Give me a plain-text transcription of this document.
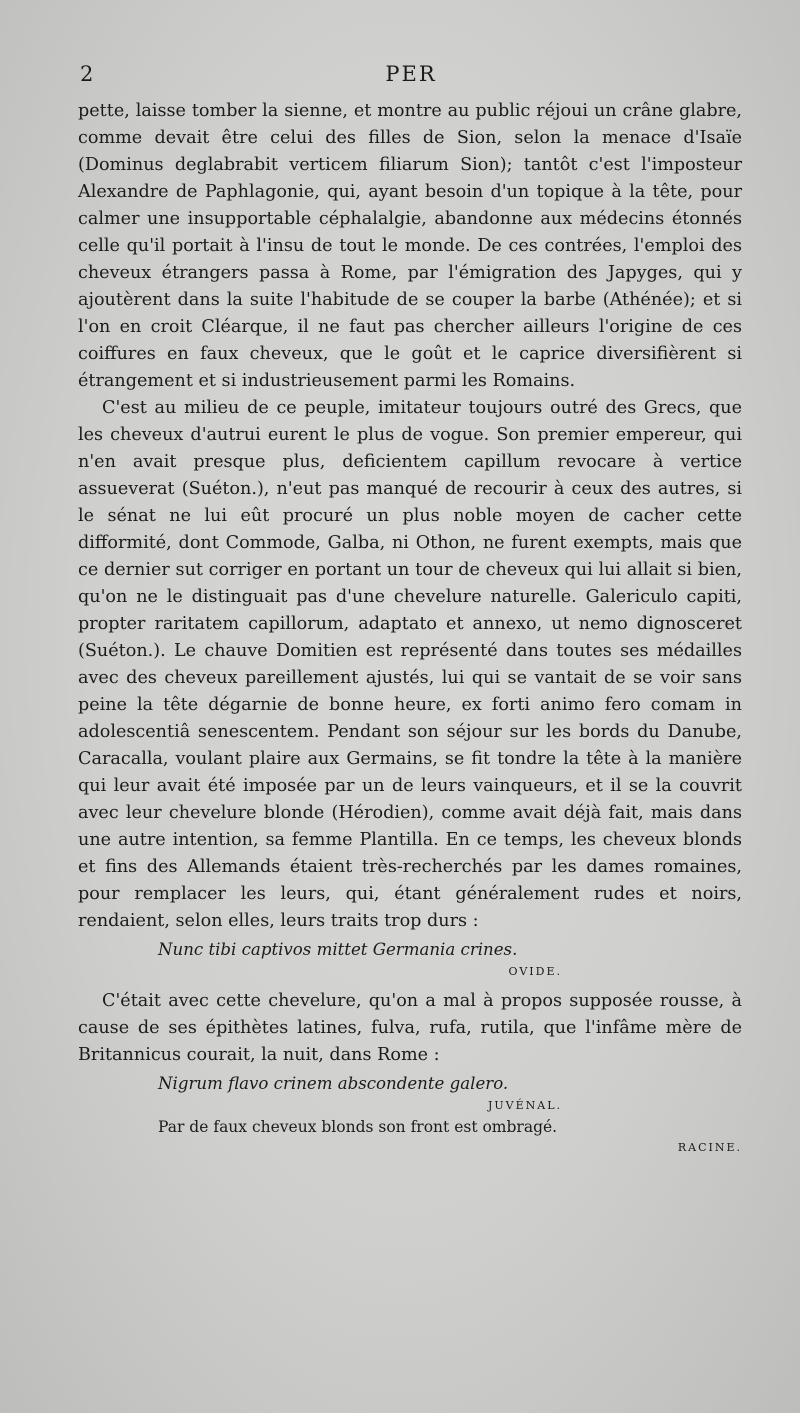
2	PER

pette, laisse tomber la sienne, et montre au public réjoui un crâne glabre, comme devait être celui des filles de Sion, selon la menace d'Isaïe (Dominus deglabrabit verticem filiarum Sion); tantôt c'est l'imposteur Alexandre de Paphlagonie, qui, ayant besoin d'un topique à la tête, pour calmer une insupportable céphalalgie, abandonne aux médecins étonnés celle qu'il portait à l'insu de tout le monde. De ces contrées, l'emploi des cheveux étrangers passa à Rome, par l'émigration des Japyges, qui y ajoutèrent dans la suite l'habitude de se couper la barbe (Athénée); et si l'on en croit Cléarque, il ne faut pas chercher ailleurs l'origine de ces coiffures en faux cheveux, que le goût et le caprice diversifièrent si étrangement et si industrieusement parmi les Romains.

C'est au milieu de ce peuple, imitateur toujours outré des Grecs, que les cheveux d'autrui eurent le plus de vogue. Son premier empereur, qui n'en avait presque plus, deficientem capillum revocare à vertice assueverat (Suéton.), n'eut pas manqué de recourir à ceux des autres, si le sénat ne lui eût procuré un plus noble moyen de cacher cette difformité, dont Commode, Galba, ni Othon, ne furent exempts, mais que ce dernier sut corriger en portant un tour de cheveux qui lui allait si bien, qu'on ne le distinguait pas d'une chevelure naturelle. Galericulo capiti, propter raritatem capillorum, adaptato et annexo, ut nemo dignosceret (Suéton.). Le chauve Domitien est représenté dans toutes ses médailles avec des cheveux pareillement ajustés, lui qui se vantait de se voir sans peine la tête dégarnie de bonne heure, ex forti animo fero comam in adolescentiâ senescentem. Pendant son séjour sur les bords du Danube, Caracalla, voulant plaire aux Germains, se fit tondre la tête à la manière qui leur avait été imposée par un de leurs vainqueurs, et il se la couvrit avec leur chevelure blonde (Hérodien), comme avait déjà fait, mais dans une autre intention, sa femme Plantilla. En ce temps, les cheveux blonds et fins des Allemands étaient très-recherchés par les dames romaines, pour remplacer les leurs, qui, étant généralement rudes et noirs, rendaient, selon elles, leurs traits trop durs :

Nunc tibi captivos mittet Germania crines.

OVIDE.

C'était avec cette chevelure, qu'on a mal à propos supposée rousse, à cause de ses épithètes latines, fulva, rufa, rutila, que l'infâme mère de Britannicus courait, la nuit, dans Rome :

Nigrum flavo crinem abscondente galero.

JUVÉNAL.

Par de faux cheveux blonds son front est ombragé.

RACINE.
